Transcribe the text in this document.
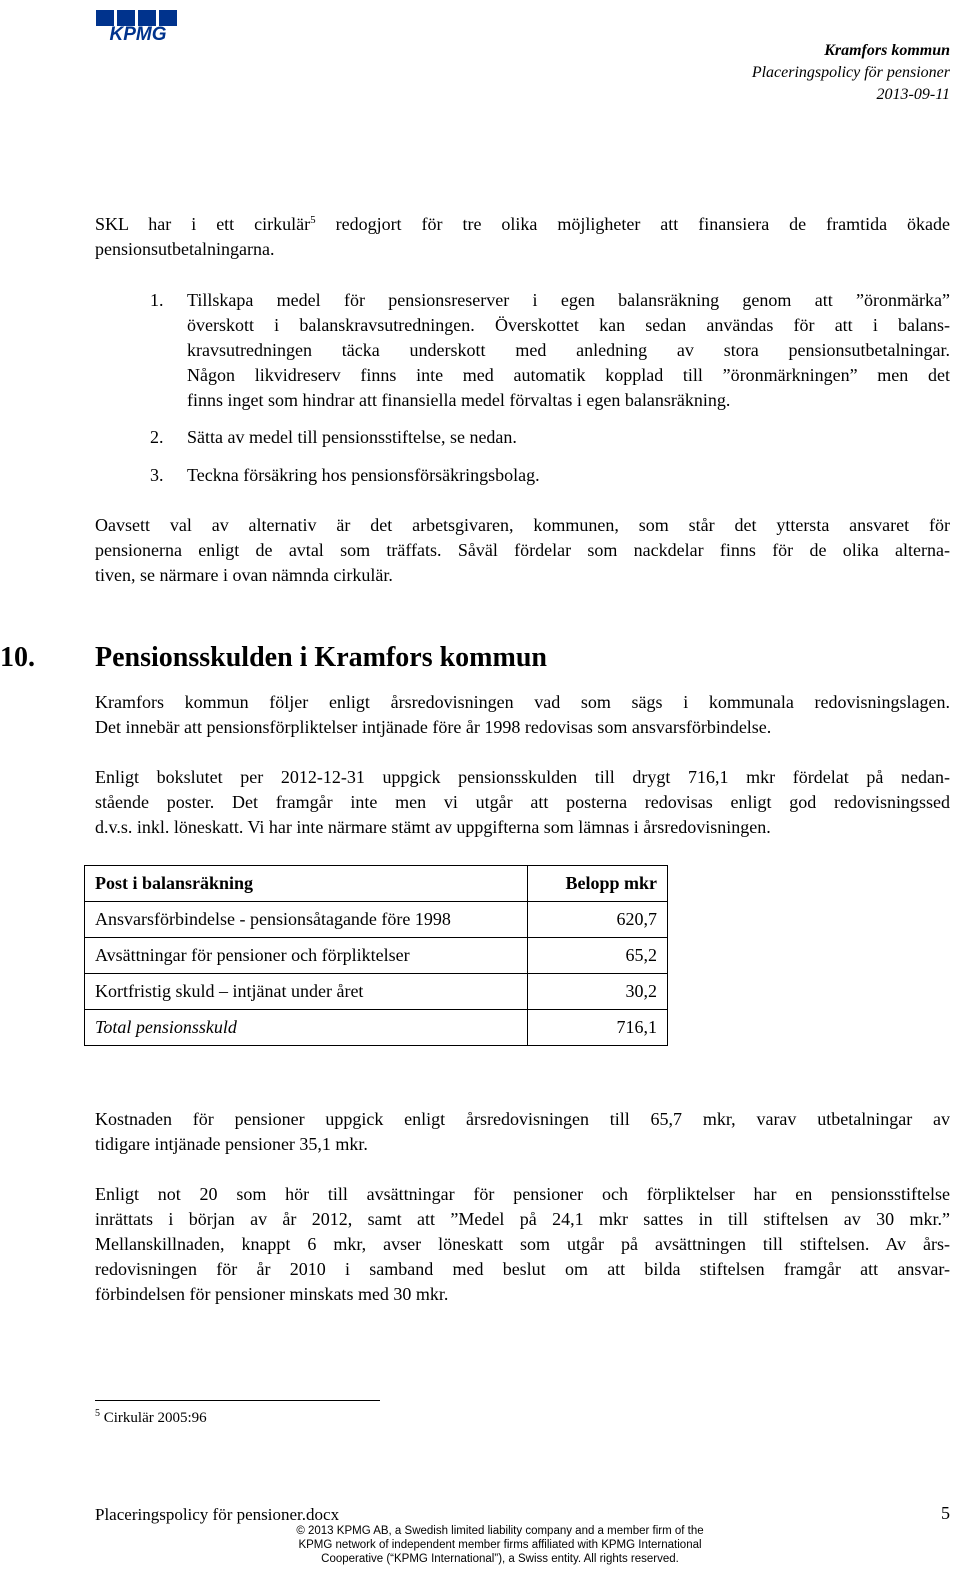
KPMG
Kramfors kommun
Placeringspolicy för pensioner
2013-09-11
SKL har i ett cirkulär$^5$ redogjort för tre olika möjligheter att finansiera de framtida ökade
pensionsutbetalningarna.
1. Tillskapa medel för pensionsreserver i egen balansräkning genom att ”öronmärka”
överskott i balanskravsutredningen. Överskottet kan sedan användas för att i balans-
kravsutredningen täcka underskott med anledning av stora pensionsutbetalningar.
Någon likvidreserv finns inte med automatik kopplad till ”öronmärkningen” men det
finns inget som hindrar att finansiella medel förvaltas i egen balansräkning.
2. Sätta av medel till pensionsstiftelse, se nedan.
3. Teckna försäkring hos pensionsförsäkringsbolag.
Oavsett val av alternativ är det arbetsgivaren, kommunen, som står det yttersta ansvaret för
pensionerna enligt de avtal som träffats. Såväl fördelar som nackdelar finns för de olika alterna-
tiven, se närmare i ovan nämnda cirkulär.
10.	Pensionsskulden i Kramfors kommun
Kramfors kommun följer enligt årsredovisningen vad som sägs i kommunala redovisningslagen.
Det innebär att pensionsförpliktelser intjänade före år 1998 redovisas som ansvarsförbindelse.
Enligt bokslutet per 2012-12-31 uppgick pensionsskulden till drygt 716,1 mkr fördelat på nedan-
stående poster. Det framgår inte men vi utgår att posterna redovisas enligt god redovisningssed
d.v.s. inkl. löneskatt. Vi har inte närmare stämt av uppgifterna som lämnas i årsredovisningen.
Post i balansräkning	Belopp mkr
Ansvarsförbindelse - pensionsåtagande före 1998	620,7
Avsättningar för pensioner och förpliktelser	65,2
Kortfristig skuld – intjänat under året	30,2
Total pensionsskuld	716,1
Kostnaden för pensioner uppgick enligt årsredovisningen till 65,7 mkr, varav utbetalningar av
tidigare intjänade pensioner 35,1 mkr.
Enligt not 20 som hör till avsättningar för pensioner och förpliktelser har en pensionsstiftelse
inrättats i början av år 2012, samt att ”Medel på 24,1 mkr sattes in till stiftelsen av 30 mkr.”
Mellanskillnaden, knappt 6 mkr, avser löneskatt som utgår på avsättningen till stiftelsen. Av års-
redovisningen för år 2010 i samband med beslut om att bilda stiftelsen framgår att ansvar-
förbindelsen för pensioner minskats med 30 mkr.
$^5$ Cirkulär 2005:96
Placeringspolicy för pensioner.docx	5
© 2013 KPMG AB, a Swedish limited liability company and a member firm of the
KPMG network of independent member firms affiliated with KPMG International
Cooperative (“KPMG International”), a Swiss entity. All rights reserved.
